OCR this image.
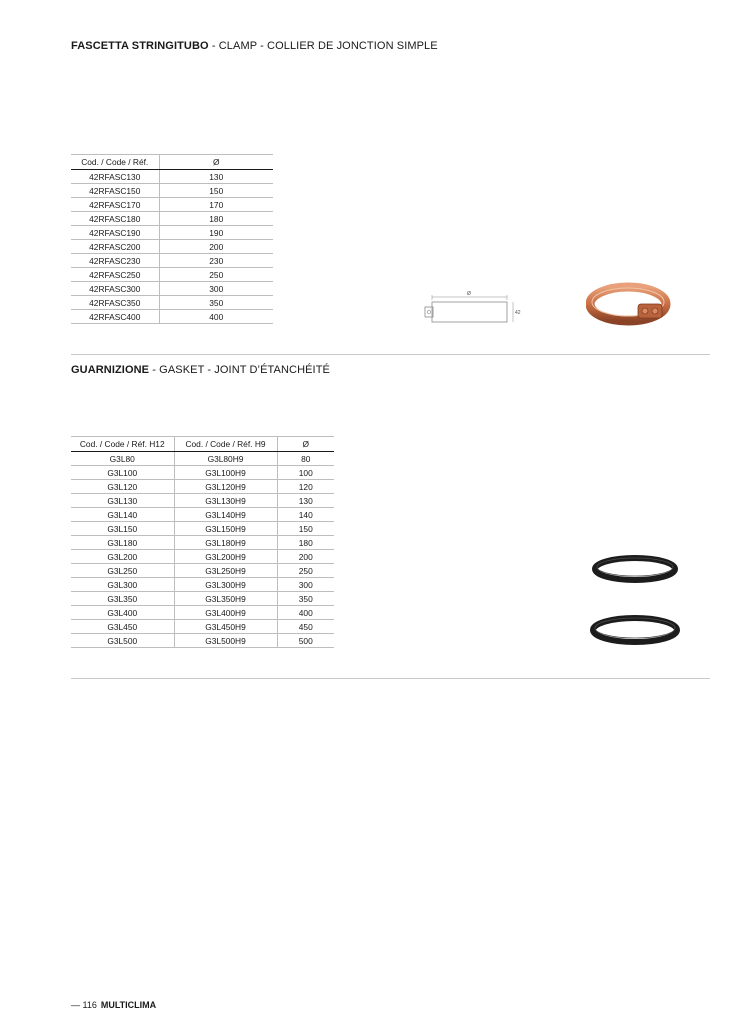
FASCETTA STRINGITUBO - CLAMP - COLLIER DE JONCTION SIMPLE
Cod. / Code / Réf.	Ø
42RFASC130	130
42RFASC150	150
42RFASC170	170
42RFASC180	180
42RFASC190	190
42RFASC200	200
42RFASC230	230
42RFASC250	250
42RFASC300	300
42RFASC350	350
42RFASC400	400
Ø
42
GUARNIZIONE - GASKET - JOINT D’ÉTANCHÉITÉ
Cod. / Code / Réf. H12	Cod. / Code / Réf. H9	Ø
G3L80	G3L80H9	80
G3L100	G3L100H9	100
G3L120	G3L120H9	120
G3L130	G3L130H9	130
G3L140	G3L140H9	140
G3L150	G3L150H9	150
G3L180	G3L180H9	180
G3L200	G3L200H9	200
G3L250	G3L250H9	250
G3L300	G3L300H9	300
G3L350	G3L350H9	350
G3L400	G3L400H9	400
G3L450	G3L450H9	450
G3L500	G3L500H9	500
— 116 MULTICLIMA
